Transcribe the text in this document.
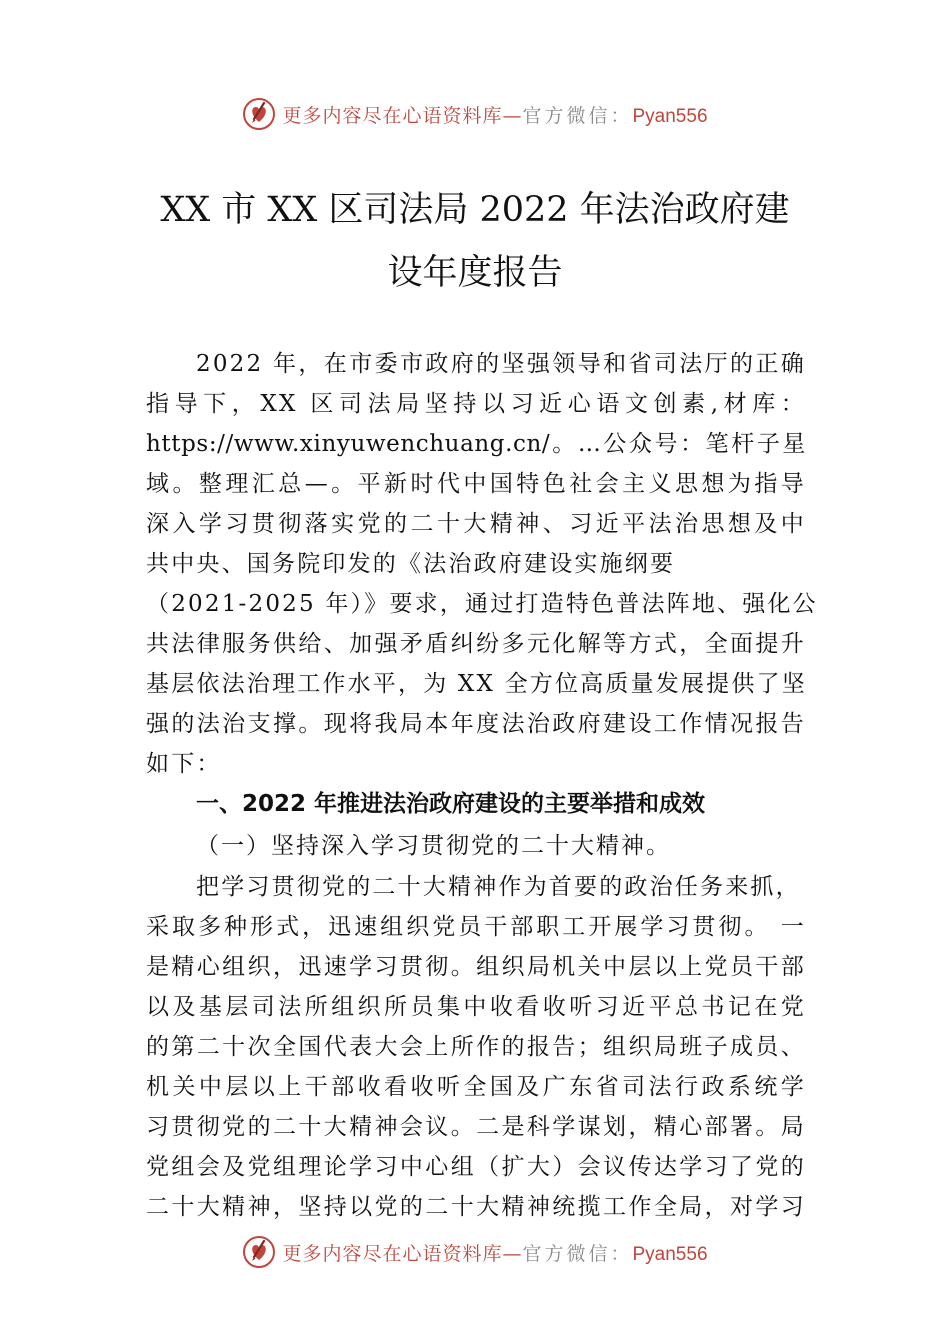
更多内容尽在心语资料库—官方微信：Pyan556
XX 市 XX 区司法局 2022 年法治政府建
设年度报告
2022 年，在市委市政府的坚强领导和省司法厅的正确
指导下，XX 区司法局坚持以习近心语文创素,材库：
https://www.xinyuwenchuang.cn/。…公众号：笔杆子星
域。整理汇总—。平新时代中国特色社会主义思想为指导
深入学习贯彻落实党的二十大精神、习近平法治思想及中
共中央、国务院印发的《法治政府建设实施纲要
（2021-2025 年）》要求，通过打造特色普法阵地、强化公
共法律服务供给、加强矛盾纠纷多元化解等方式，全面提升
基层依法治理工作水平，为 XX 全方位高质量发展提供了坚
强的法治支撑。现将我局本年度法治政府建设工作情况报告
如下：
一、2022 年推进法治政府建设的主要举措和成效
（一）坚持深入学习贯彻党的二十大精神。
把学习贯彻党的二十大精神作为首要的政治任务来抓，
采取多种形式，迅速组织党员干部职工开展学习贯彻。 一
是精心组织，迅速学习贯彻。组织局机关中层以上党员干部
以及基层司法所组织所员集中收看收听习近平总书记在党
的第二十次全国代表大会上所作的报告；组织局班子成员、
机关中层以上干部收看收听全国及广东省司法行政系统学
习贯彻党的二十大精神会议。二是科学谋划，精心部署。局
党组会及党组理论学习中心组（扩大）会议传达学习了党的
二十大精神，坚持以党的二十大精神统揽工作全局，对学习
更多内容尽在心语资料库—官方微信：Pyan556
